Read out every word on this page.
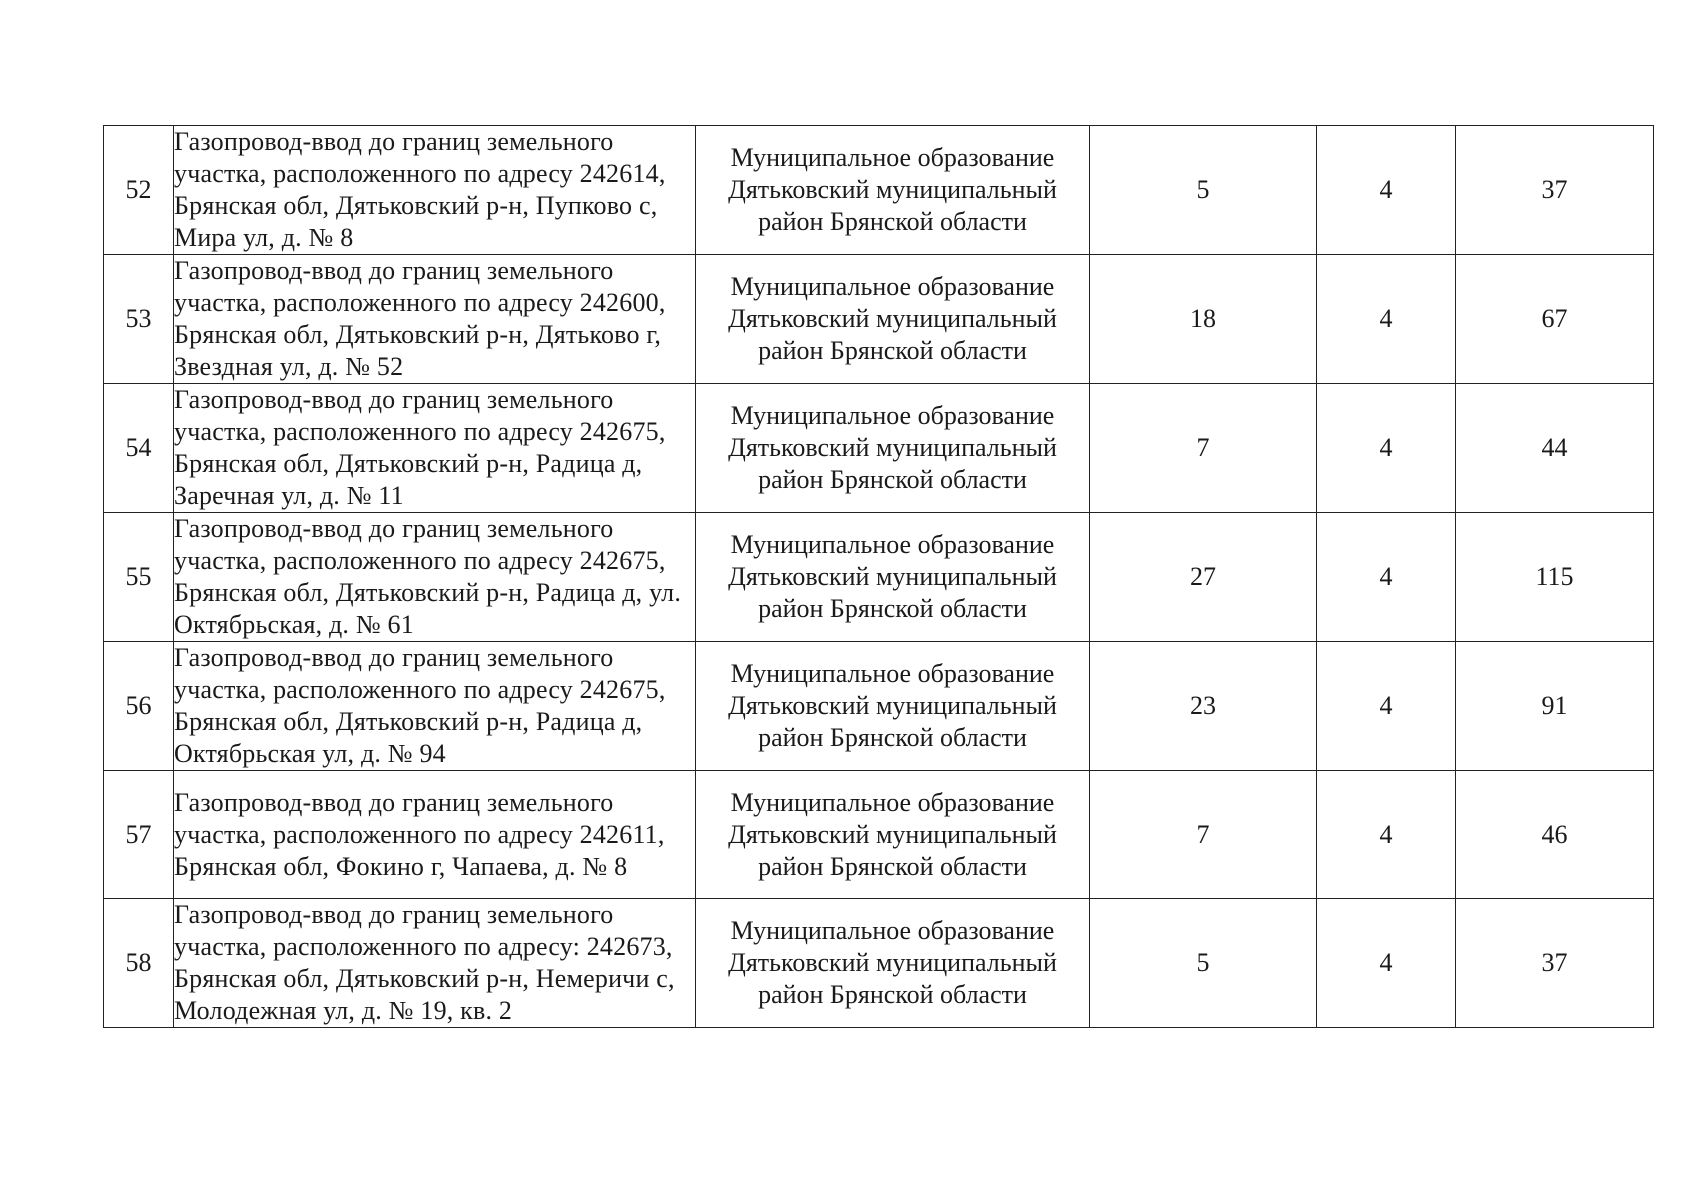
52	Газопровод-ввод до границ земельного участка, расположенного по адресу 242614, Брянская обл, Дятьковский р-н, Пупково с, Мира ул, д. № 8	Муниципальное образование Дятьковский муниципальный район Брянской области	5	4	37
53	Газопровод-ввод до границ земельного участка, расположенного по адресу 242600, Брянская обл, Дятьковский р-н, Дятьково г, Звездная ул, д. № 52	Муниципальное образование Дятьковский муниципальный район Брянской области	18	4	67
54	Газопровод-ввод до границ земельного участка, расположенного по адресу 242675, Брянская обл, Дятьковский р-н, Радица д, Заречная ул, д. № 11	Муниципальное образование Дятьковский муниципальный район Брянской области	7	4	44
55	Газопровод-ввод до границ земельного участка, расположенного по адресу 242675, Брянская обл, Дятьковский р-н, Радица д, ул. Октябрьская, д. № 61	Муниципальное образование Дятьковский муниципальный район Брянской области	27	4	115
56	Газопровод-ввод до границ земельного участка, расположенного по адресу 242675, Брянская обл, Дятьковский р-н, Радица д, Октябрьская ул, д. № 94	Муниципальное образование Дятьковский муниципальный район Брянской области	23	4	91
57	Газопровод-ввод до границ земельного участка, расположенного по адресу 242611, Брянская обл, Фокино г, Чапаева, д. № 8	Муниципальное образование Дятьковский муниципальный район Брянской области	7	4	46
58	Газопровод-ввод до границ земельного участка, расположенного по адресу: 242673, Брянская обл, Дятьковский р-н, Немеричи с, Молодежная ул, д. № 19, кв. 2	Муниципальное образование Дятьковский муниципальный район Брянской области	5	4	37
